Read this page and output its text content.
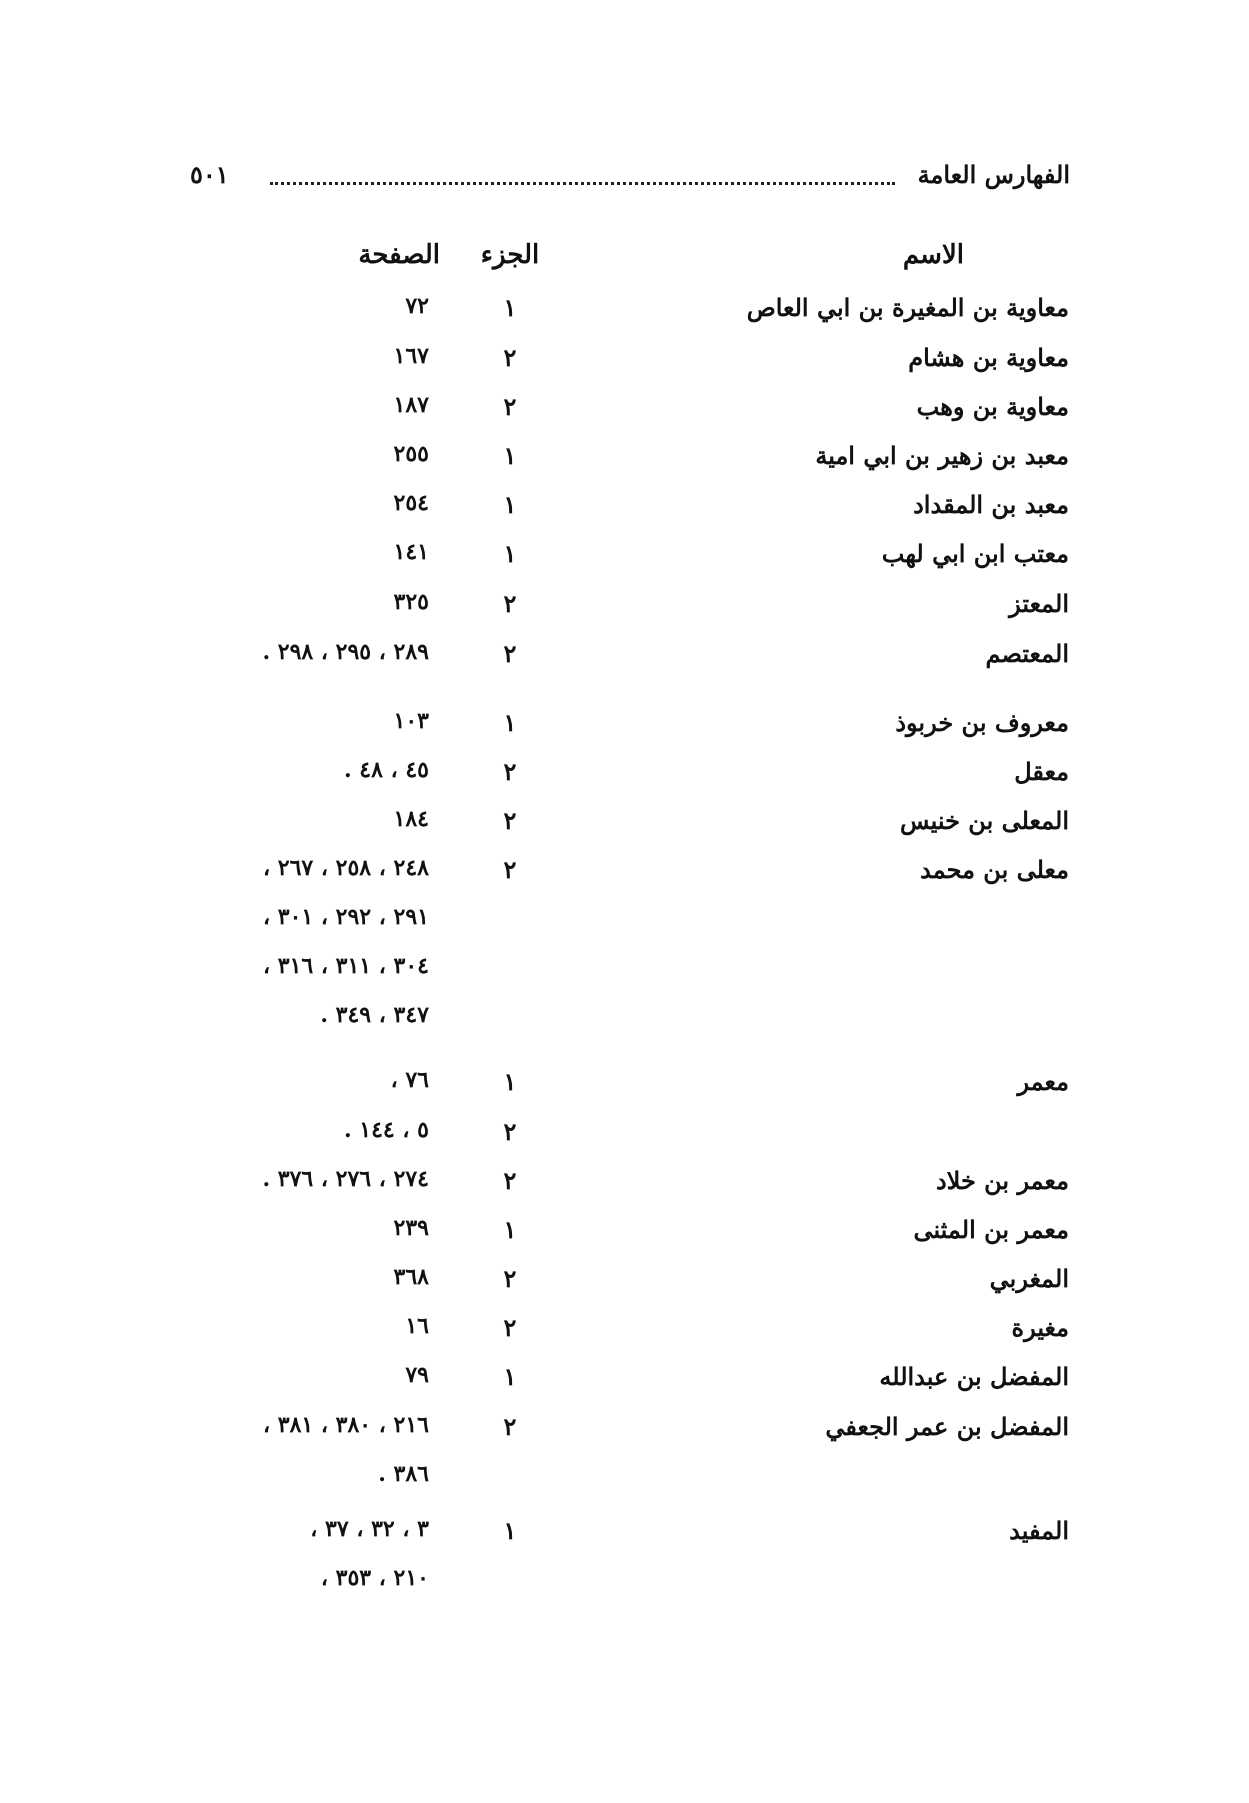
الفهارس العامة
٥٠١
الاسم
الجزء
الصفحة
معاوية بن المغيرة بن ابي العاص
١
٧٢
معاوية بن هشام
٢
١٦٧
معاوية بن وهب
٢
١٨٧
معبد بن زهير بن ابي امية
١
٢٥٥
معبد بن المقداد
١
٢٥٤
معتب ابن ابي لهب
١
١٤١
المعتز
٢
٣٢٥
المعتصم
٢
٢٨٩ ، ٢٩٥ ، ٢٩٨ .
معروف بن خربوذ
١
١٠٣
معقل
٢
٤٥ ، ٤٨ .
المعلى بن خنيس
٢
١٨٤
معلى بن محمد
٢
٢٤٨ ، ٢٥٨ ، ٢٦٧ ،
٢٩١ ، ٢٩٢ ، ٣٠١ ،
٣٠٤ ، ٣١١ ، ٣١٦ ،
٣٤٧ ، ٣٤٩ .
معمر
١
٧٦ ،
٢
٥ ، ١٤٤ .
معمر بن خلاد
٢
٢٧٤ ، ٢٧٦ ، ٣٧٦ .
معمر بن المثنى
١
٢٣٩
المغربي
٢
٣٦٨
مغيرة
٢
١٦
المفضل بن عبدالله
١
٧٩
المفضل بن عمر الجعفي
٢
٢١٦ ، ٣٨٠ ، ٣٨١ ،
٣٨٦ .
المفيد
١
٣ ، ٣٢ ، ٣٧ ،
٢١٠ ، ٣٥٣ ،
